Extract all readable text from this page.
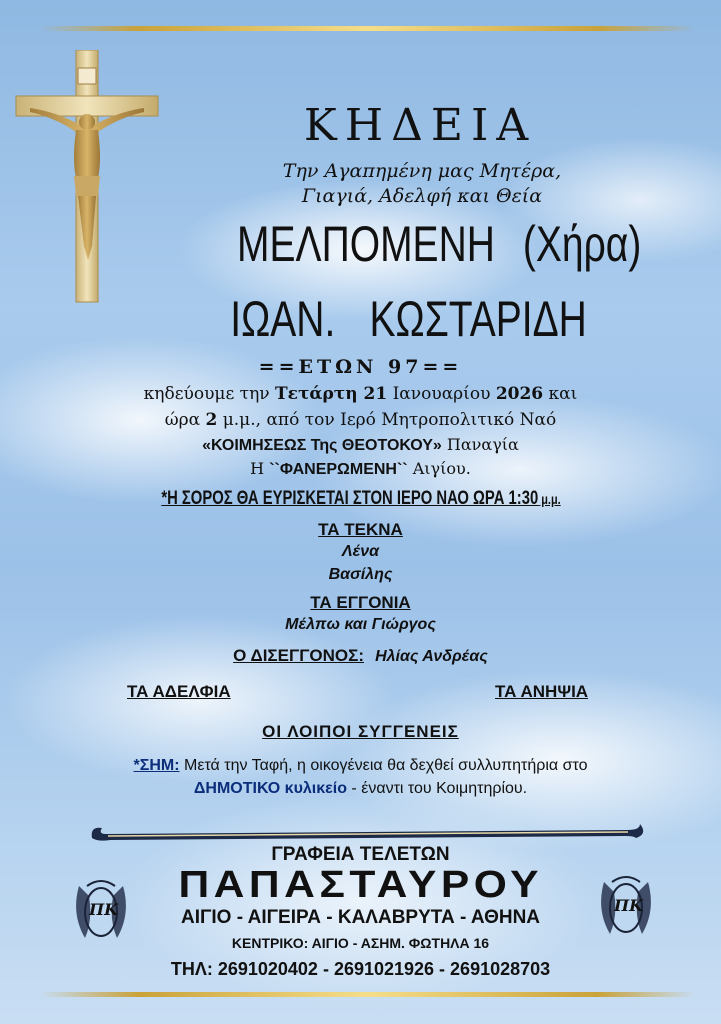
ΚΗΔΕΙΑ
Την Αγαπημένη μας Μητέρα,
Γιαγιά, Αδελφή και Θεία
ΜΕΛΠΟΜΕΝΗ (Χήρα)
ΙΩΑΝ. ΚΩΣΤΑΡΙΔΗ
==ΕΤΩΝ 97==
κηδεύουμε την Τετάρτη 21 Ιανουαρίου 2026 και
ώρα 2 μ.μ., από τον Ιερό Μητροπολιτικό Ναό
«ΚΟΙΜΗΣΕΩΣ Της ΘΕΟΤΟΚΟΥ» Παναγία
Η ``ΦΑΝΕΡΩΜΕΝΗ`` Αιγίου.
*Η ΣΟΡΟΣ ΘΑ ΕΥΡΙΣΚΕΤΑΙ ΣΤΟΝ ΙΕΡΟ ΝΑΟ ΩΡΑ 1:30 μ.μ.
ΤΑ ΤΕΚΝΑ
Λένα
Βασίλης
ΤΑ ΕΓΓΟΝΙΑ
Μέλπω και Γιώργος
Ο ΔΙΣΕΓΓΟΝΟΣ: Ηλίας Ανδρέας
ΤΑ ΑΔΕΛΦΙΑ	ΤΑ ΑΝΗΨΙΑ
ΟΙ ΛΟΙΠΟΙ ΣΥΓΓΕΝΕΙΣ
*ΣΗΜ: Μετά την Ταφή, η οικογένεια θα δεχθεί συλλυπητήρια στο
ΔΗΜΟΤΙΚΟ κυλικείο - έναντι του Κοιμητηρίου.
ΓΡΑΦΕΙΑ ΤΕΛΕΤΩΝ
ΠΑΠΑΣΤΑΥΡΟΥ
ΠΚ	ΠΚ
ΑΙΓΙΟ - ΑΙΓΕΙΡΑ - ΚΑΛΑΒΡΥΤΑ - ΑΘΗΝΑ
ΚΕΝΤΡΙΚΟ: ΑΙΓΙΟ - ΑΣΗΜ. ΦΩΤΗΛΑ 16
ΤΗΛ: 2691020402 - 2691021926 - 2691028703
